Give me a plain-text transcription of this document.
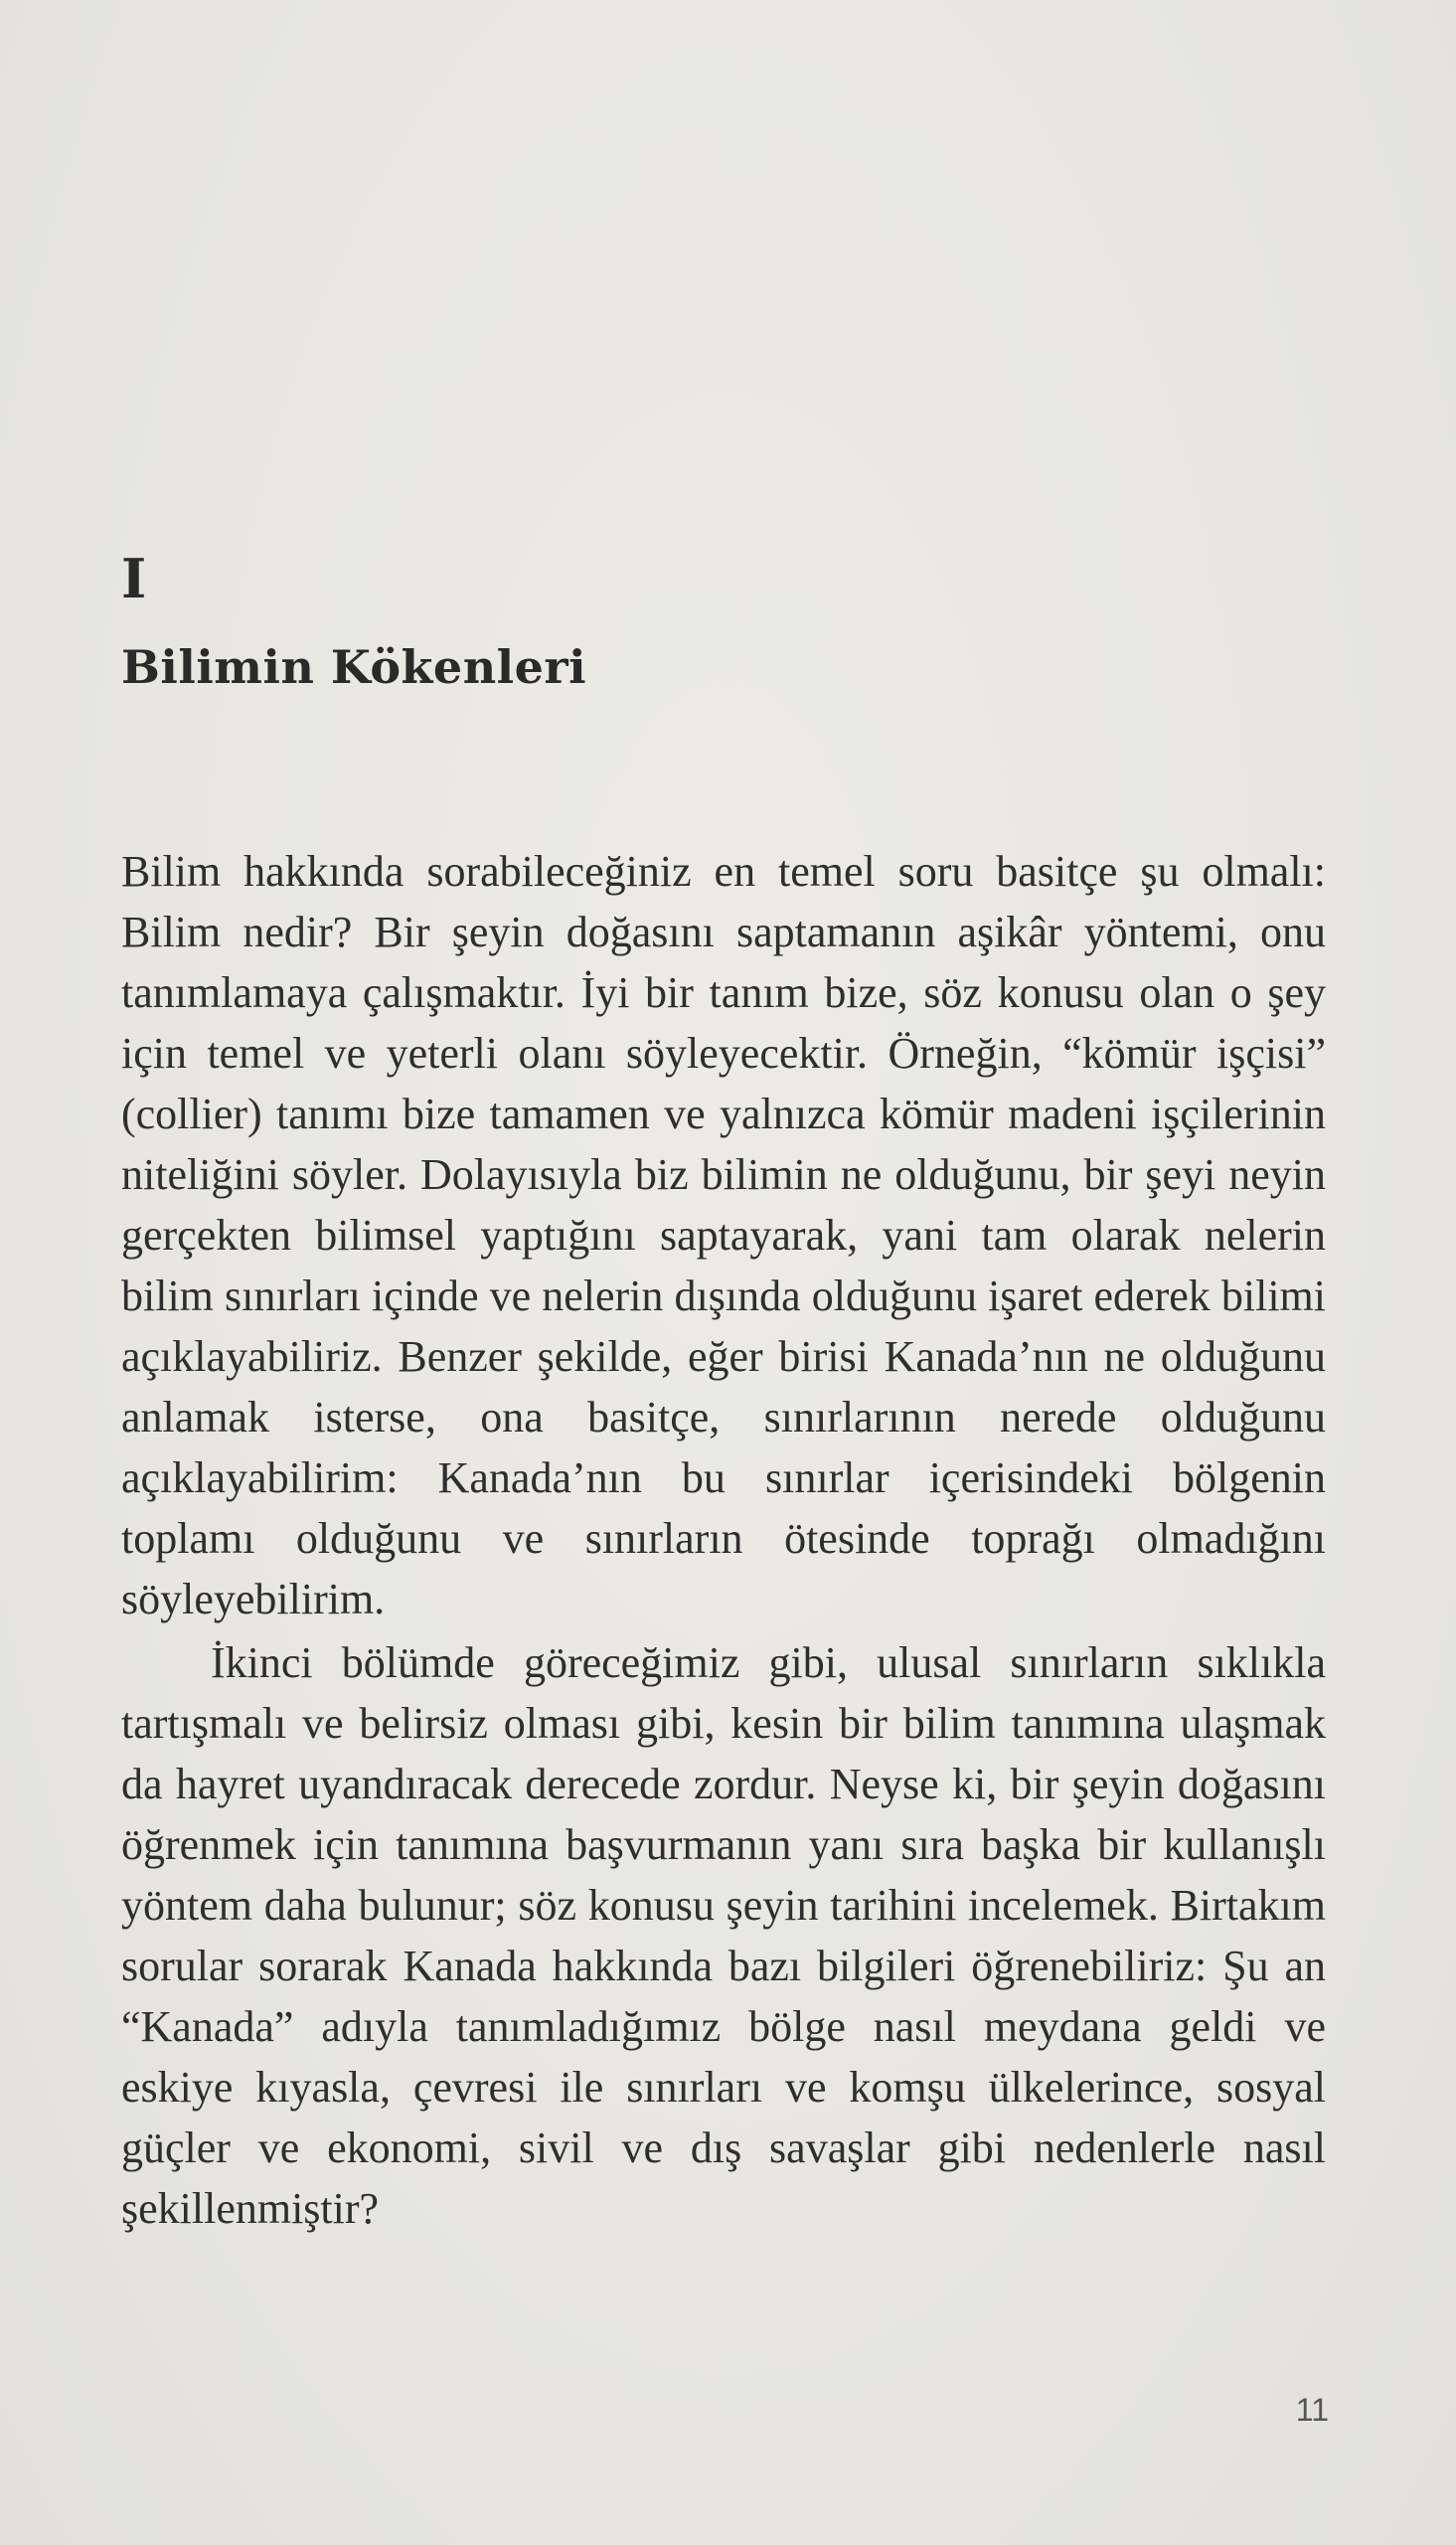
I
Bilimin Kökenleri

Bilim hakkında sorabileceğiniz en temel soru basitçe şu olmalı: Bilim nedir? Bir şeyin doğasını saptamanın aşikâr yöntemi, onu tanımlamaya çalışmaktır. İyi bir tanım bize, söz konusu olan o şey için temel ve yeterli olanı söyleyecektir. Örneğin, “kömür işçisi” (collier) tanımı bize tamamen ve yalnızca kömür madeni işçilerinin niteliğini söyler. Dolayısıyla biz bilimin ne olduğunu, bir şeyi neyin gerçekten bilimsel yaptığını saptayarak, yani tam olarak nelerin bilim sınırları içinde ve nelerin dışında olduğunu işaret ederek bilimi açıklayabiliriz. Benzer şekilde, eğer birisi Kanada’nın ne olduğunu anlamak isterse, ona basitçe, sınırlarının nerede olduğunu açıklayabilirim: Kanada’nın bu sınırlar içerisindeki bölgenin toplamı olduğunu ve sınırların ötesinde toprağı olmadığını söyleyebilirim.

İkinci bölümde göreceğimiz gibi, ulusal sınırların sıklıkla tartışmalı ve belirsiz olması gibi, kesin bir bilim tanımına ulaşmak da hayret uyandıracak derecede zordur. Neyse ki, bir şeyin doğasını öğrenmek için tanımına başvurmanın yanı sıra başka bir kullanışlı yöntem daha bulunur; söz konusu şeyin tarihini incelemek. Birtakım sorular sorarak Kanada hakkında bazı bilgileri öğrenebiliriz: Şu an “Kanada” adıyla tanımladığımız bölge nasıl meydana geldi ve eskiye kıyasla, çevresi ile sınırları ve komşu ülkelerince, sosyal güçler ve ekonomi, sivil ve dış savaşlar gibi nedenlerle nasıl şekillenmiştir?

11
